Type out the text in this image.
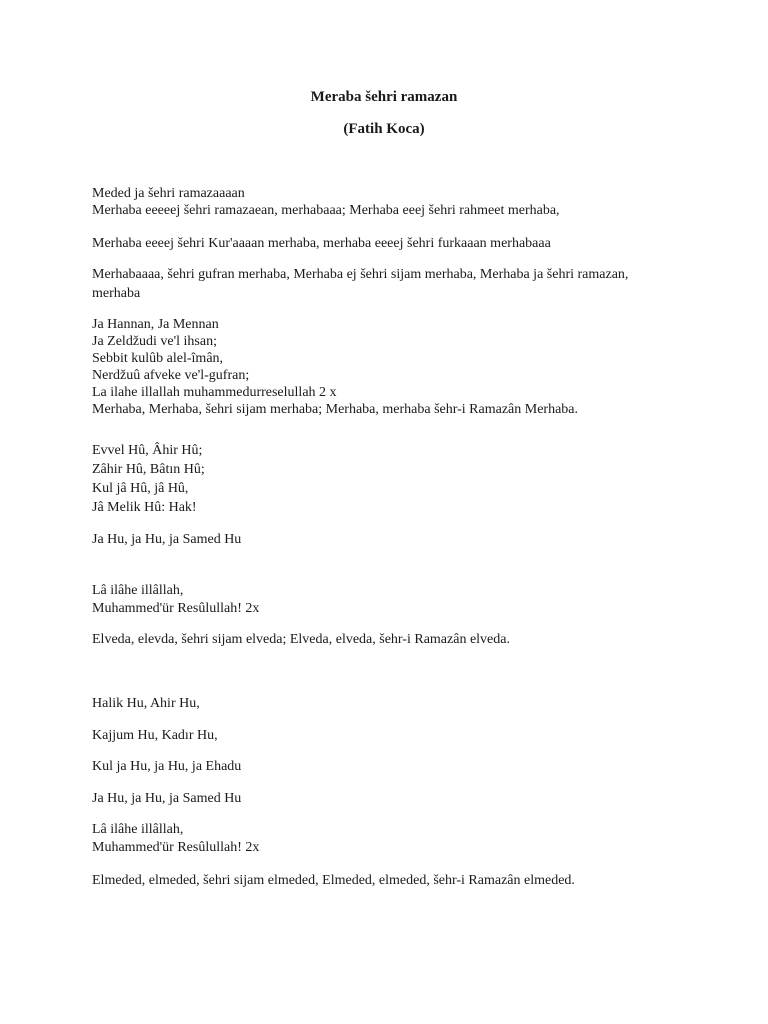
Meraba šehri ramazan
(Fatih Koca)
Meded ja šehri ramazaaaan
Merhaba eeeeej šehri ramazaean, merhabaaa; Merhaba eeej šehri rahmeet merhaba,
Merhaba eeeej šehri Kur'aaaan merhaba, merhaba eeeej šehri furkaaan merhabaaa
Merhabaaaa, šehri gufran merhaba, Merhaba ej šehri sijam merhaba, Merhaba ja šehri ramazan, merhaba
Ja Hannan, Ja Mennan
Ja Zeldžudi ve'l ihsan;
Sebbit kulûb alel-îmân,
Nerdžuû afveke ve'l-gufran;
La ilahe illallah muhammedurreselullah 2 x
Merhaba, Merhaba, šehri sijam merhaba; Merhaba, merhaba šehr-i Ramazân Merhaba.
Evvel Hû, Âhir Hû;
Zâhir Hû, Bâtın Hû;
Kul jâ Hû, jâ Hû,
Jâ Melik Hû: Hak!
Ja Hu, ja Hu, ja Samed Hu
Lâ ilâhe illâllah,
Muhammed'ür Resûlullah! 2x
Elveda, elevda, šehri sijam elveda; Elveda, elveda, šehr-i Ramazân elveda.
Halik Hu, Ahir Hu,
Kajjum Hu, Kadır Hu,
Kul ja Hu, ja Hu, ja Ehadu
Ja Hu, ja Hu, ja Samed Hu
Lâ ilâhe illâllah,
Muhammed'ür Resûlullah! 2x
Elmeded, elmeded, šehri sijam elmeded, Elmeded, elmeded, šehr-i Ramazân elmeded.
